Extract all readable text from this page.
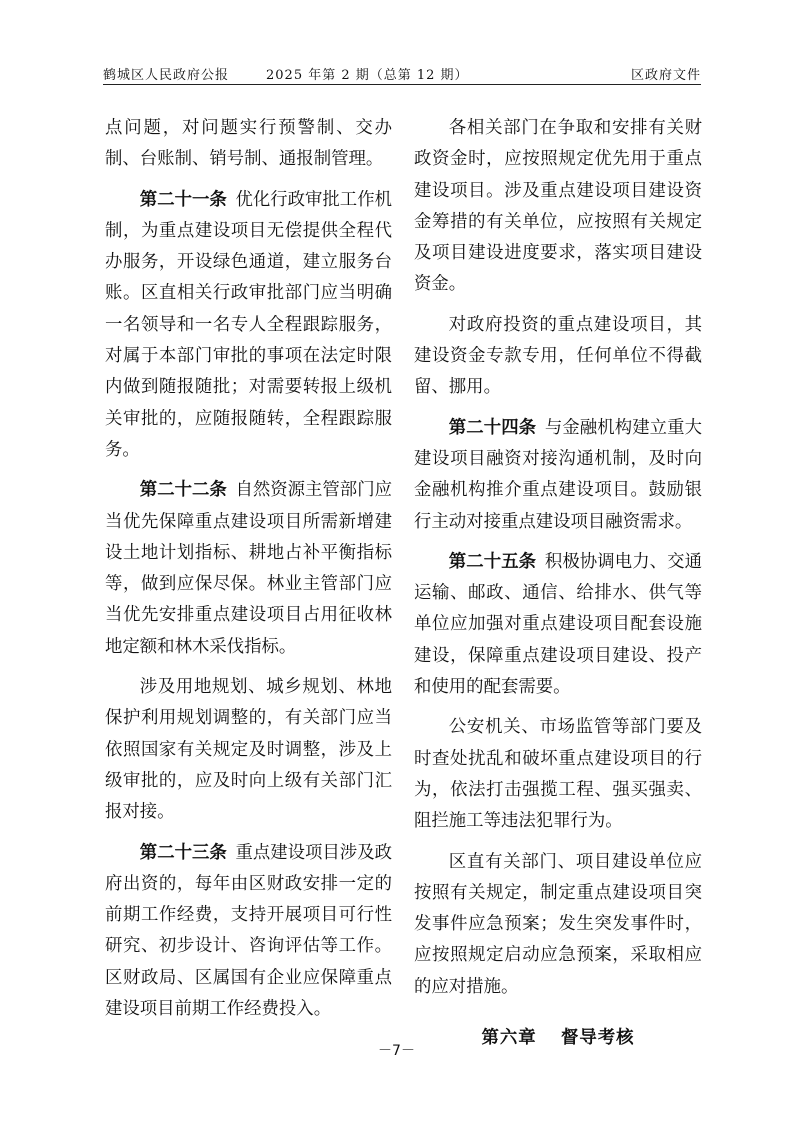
鹤城区人民政府公报	2025 年第 2 期（总第 12 期）	区政府文件

点问题，对问题实行预警制、交办制、台账制、销号制、通报制管理。

第二十一条 优化行政审批工作机制，为重点建设项目无偿提供全程代办服务，开设绿色通道，建立服务台账。区直相关行政审批部门应当明确一名领导和一名专人全程跟踪服务，对属于本部门审批的事项在法定时限内做到随报随批；对需要转报上级机关审批的，应随报随转，全程跟踪服务。

第二十二条 自然资源主管部门应当优先保障重点建设项目所需新增建设土地计划指标、耕地占补平衡指标等，做到应保尽保。林业主管部门应当优先安排重点建设项目占用征收林地定额和林木采伐指标。

涉及用地规划、城乡规划、林地保护利用规划调整的，有关部门应当依照国家有关规定及时调整，涉及上级审批的，应及时向上级有关部门汇报对接。

第二十三条 重点建设项目涉及政府出资的，每年由区财政安排一定的前期工作经费，支持开展项目可行性研究、初步设计、咨询评估等工作。区财政局、区属国有企业应保障重点建设项目前期工作经费投入。

各相关部门在争取和安排有关财政资金时，应按照规定优先用于重点建设项目。涉及重点建设项目建设资金筹措的有关单位，应按照有关规定及项目建设进度要求，落实项目建设资金。

对政府投资的重点建设项目，其建设资金专款专用，任何单位不得截留、挪用。

第二十四条 与金融机构建立重大建设项目融资对接沟通机制，及时向金融机构推介重点建设项目。鼓励银行主动对接重点建设项目融资需求。

第二十五条 积极协调电力、交通运输、邮政、通信、给排水、供气等单位应加强对重点建设项目配套设施建设，保障重点建设项目建设、投产和使用的配套需要。

公安机关、市场监管等部门要及时查处扰乱和破坏重点建设项目的行为，依法打击强揽工程、强买强卖、阻拦施工等违法犯罪行为。

区直有关部门、项目建设单位应按照有关规定，制定重点建设项目突发事件应急预案；发生突发事件时，应按照规定启动应急预案，采取相应的应对措施。

第六章 督导考核
－7－
